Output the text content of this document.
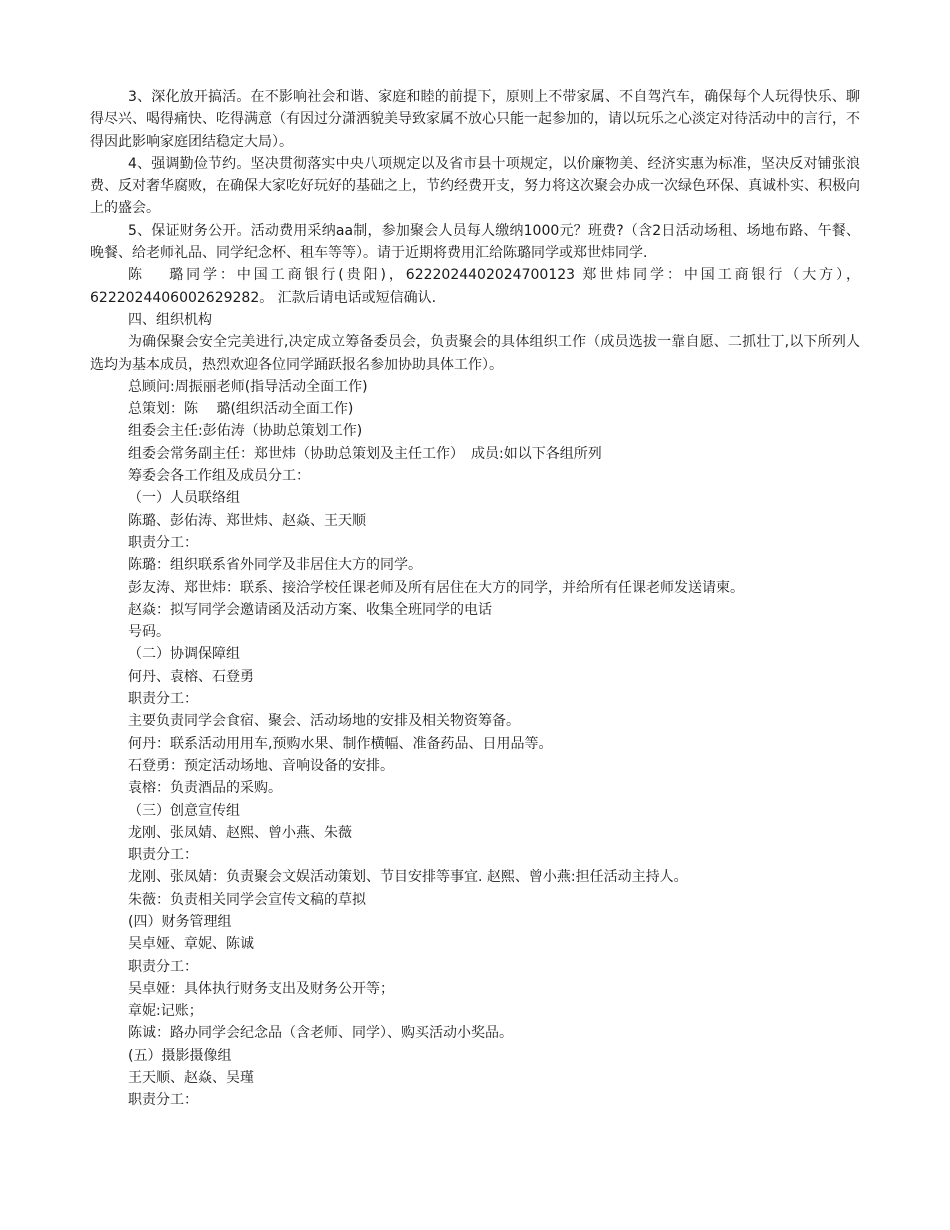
3、深化放开搞活。在不影响社会和谐、家庭和睦的前提下，原则上不带家属、不自驾汽车，确保每个人玩得快乐、聊得尽兴、喝得痛快、吃得满意（有因过分潇洒貌美导致家属不放心只能一起参加的，请以玩乐之心淡定对待活动中的言行，不得因此影响家庭团结稳定大局）。

4、强调勤俭节约。坚决贯彻落实中央八项规定以及省市县十项规定，以价廉物美、经济实惠为标准，坚决反对铺张浪费、反对奢华腐败，在确保大家吃好玩好的基础之上，节约经费开支，努力将这次聚会办成一次绿色环保、真诚朴实、积极向上的盛会。

5、保证财务公开。活动费用采纳aa制，参加聚会人员每人缴纳1000元？班费?（含2日活动场租、场地布路、午餐、晚餐、给老师礼品、同学纪念杯、租车等等）。请于近期将费用汇给陈璐同学或郑世炜同学.

陈　 璐同学：中国工商银行(贵阳)，6222024402024700123 郑世炜同学：中国工商银行（大方），6222024406002629282。 汇款后请电话或短信确认.

四、组织机构

为确保聚会安全完美进行,决定成立筹备委员会，负责聚会的具体组织工作（成员选拔一靠自愿、二抓壮丁,以下所列人选均为基本成员，热烈欢迎各位同学踊跃报名参加协助具体工作）。

总顾问:周振丽老师(指导活动全面工作)

总策划：陈　 璐(组织活动全面工作)

组委会主任:彭佑涛（协助总策划工作)

组委会常务副主任：郑世炜（协助总策划及主任工作）　成员:如以下各组所列

筹委会各工作组及成员分工：

（一）人员联络组

陈璐、彭佑涛、郑世炜、赵焱、王天顺

职责分工：

陈璐：组织联系省外同学及非居住大方的同学。

彭友涛、郑世炜：联系、接洽学校任课老师及所有居住在大方的同学，并给所有任课老师发送请柬。

赵焱：拟写同学会邀请函及活动方案、收集全班同学的电话

号码。

（二）协调保障组

何丹、袁榕、石登勇

职责分工：

主要负责同学会食宿、聚会、活动场地的安排及相关物资筹备。

何丹：联系活动用用车,预购水果、制作横幅、准备药品、日用品等。

石登勇：预定活动场地、音响设备的安排。

袁榕：负责酒品的采购。

（三）创意宣传组

龙刚、张凤婧、赵熙、曾小燕、朱薇

职责分工：

龙刚、张凤婧：负责聚会文娱活动策划、节目安排等事宜. 赵熙、曾小燕:担任活动主持人。

朱薇：负责相关同学会宣传文稿的草拟

(四）财务管理组

吴卓娅、章妮、陈诚

职责分工：

吴卓娅：具体执行财务支出及财务公开等；

章妮:记账；

陈诚：路办同学会纪念品（含老师、同学）、购买活动小奖品。

(五）摄影摄像组

王天顺、赵焱、吴瑾

职责分工：
